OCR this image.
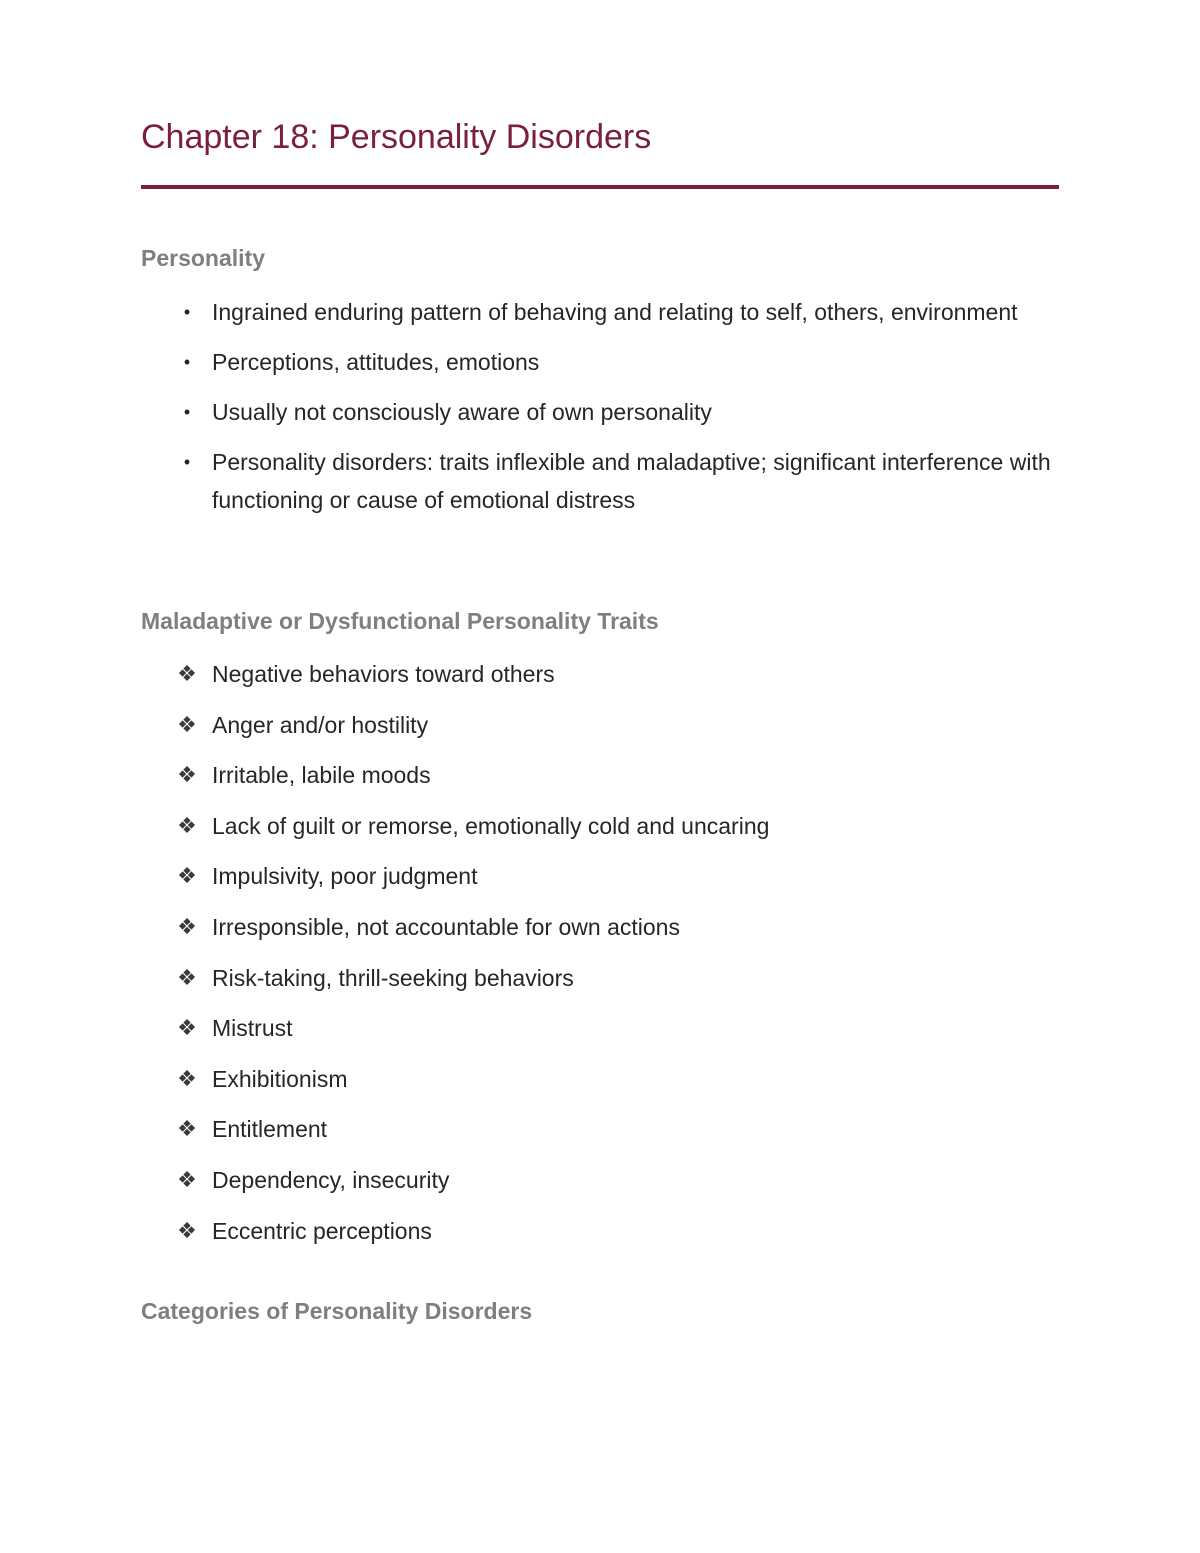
Chapter 18: Personality Disorders
Personality
• Ingrained enduring pattern of behaving and relating to self, others, environment
• Perceptions, attitudes, emotions
• Usually not consciously aware of own personality
• Personality disorders: traits inflexible and maladaptive; significant interference with functioning or cause of emotional distress
Maladaptive or Dysfunctional Personality Traits
❖ Negative behaviors toward others
❖ Anger and/or hostility
❖ Irritable, labile moods
❖ Lack of guilt or remorse, emotionally cold and uncaring
❖ Impulsivity, poor judgment
❖ Irresponsible, not accountable for own actions
❖ Risk-taking, thrill-seeking behaviors
❖ Mistrust
❖ Exhibitionism
❖ Entitlement
❖ Dependency, insecurity
❖ Eccentric perceptions
Categories of Personality Disorders
